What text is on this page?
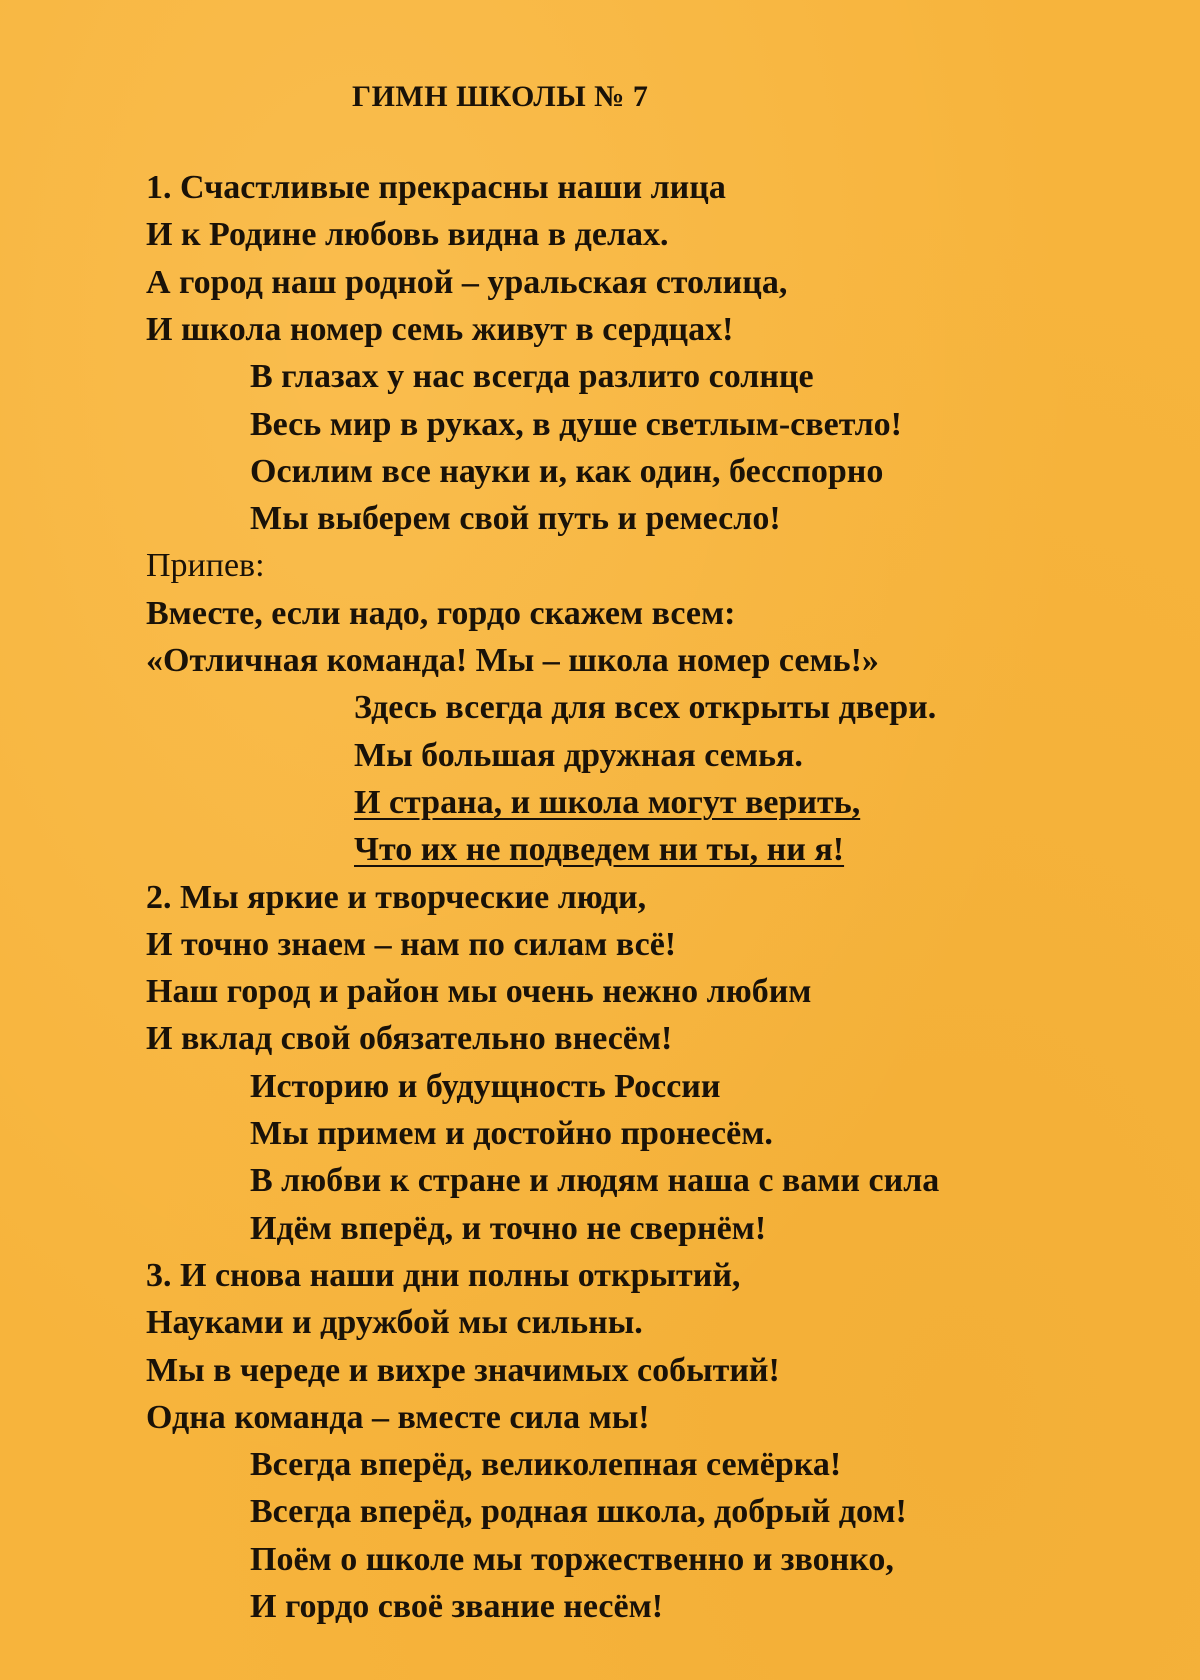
ГИМН ШКОЛЫ № 7
1. Счастливые прекрасны наши лица
И к Родине любовь видна в делах.
А город наш родной – уральская столица,
И школа номер семь живут в сердцах!
В глазах у нас всегда разлито солнце
Весь мир в руках, в душе светлым-светло!
Осилим все науки и, как один, бесспорно
Мы выберем свой путь и ремесло!
Припев:
Вместе, если надо, гордо скажем всем:
«Отличная команда! Мы – школа номер семь!»
Здесь всегда для всех открыты двери.
Мы большая дружная семья.
И страна, и школа могут верить,
Что их не подведем ни ты, ни я!
2. Мы яркие и творческие люди,
И точно знаем – нам по силам всё!
Наш город и район мы очень нежно любим
И вклад свой обязательно внесём!
Историю и будущность России
Мы примем и достойно пронесём.
В любви к стране и людям наша с вами сила
Идём вперёд, и точно не свернём!
3. И снова наши дни полны открытий,
Науками и дружбой мы сильны.
Мы в череде и вихре значимых событий!
Одна команда – вместе сила мы!
Всегда вперёд, великолепная семёрка!
Всегда вперёд, родная школа, добрый дом!
Поём о школе мы торжественно и звонко,
И гордо своё звание несём!
